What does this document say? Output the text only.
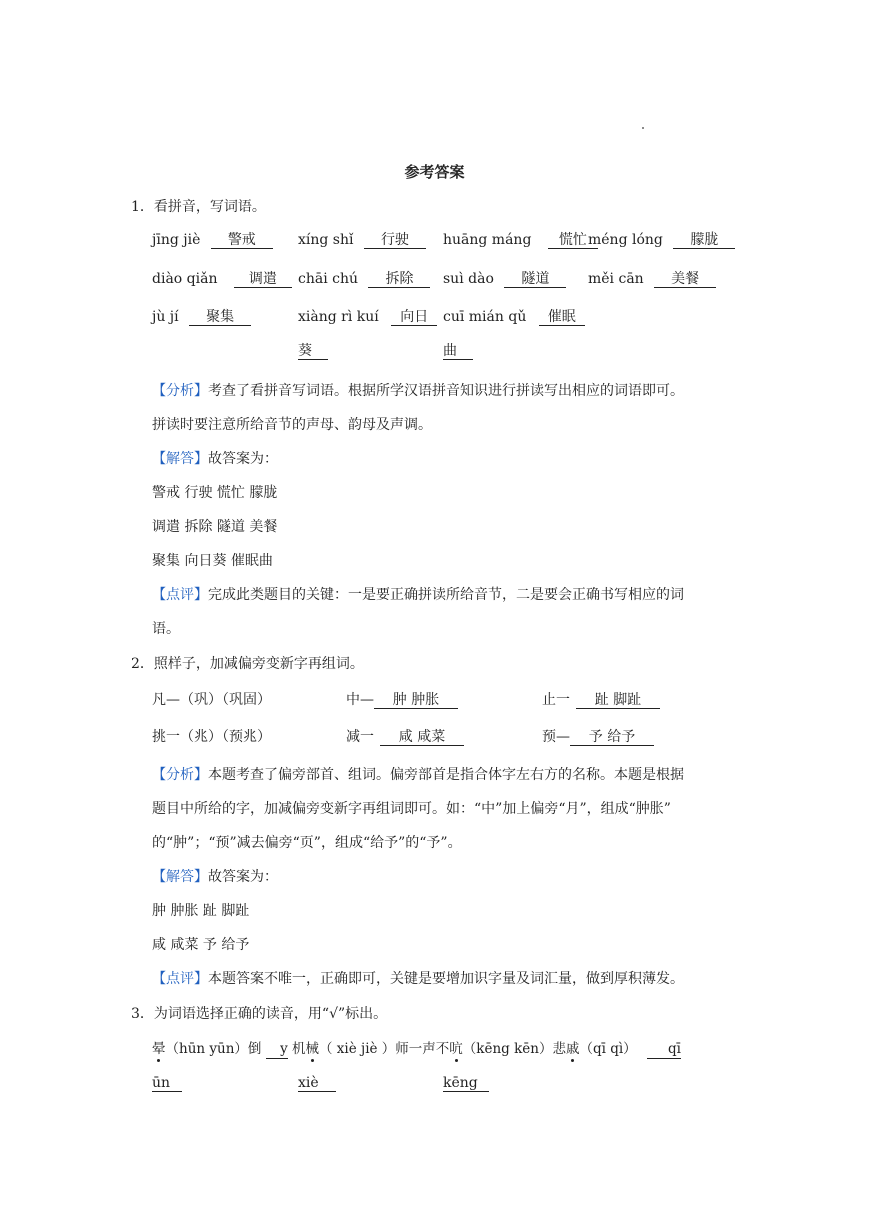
参考答案
1．看拼音，写词语。
jīng jiè 警戒	xíng shǐ 行驶	huāng máng 慌忙 méng lóng 朦胧
diào qiǎn 调遣	chāi chú 拆除	suì dào 隧道	měi cān 美餐
jù jí 聚集	xiàng rì kuí 向日	cuī mián qǔ 催眠
葵	曲
【分析】考查了看拼音写词语。根据所学汉语拼音知识进行拼读写出相应的词语即可。
拼读时要注意所给音节的声母、韵母及声调。
【解答】故答案为：
警戒 行驶 慌忙 朦胧
调遣 拆除 隧道 美餐
聚集 向日葵 催眠曲
【点评】完成此类题目的关键：一是要正确拼读所给音节，二是要会正确书写相应的词
语。
2．照样子，加减偏旁变新字再组词。
凡—（巩）（巩固）	中— 肿 肿胀	止一 趾 脚趾
挑一（兆）（预兆）	减一 咸 咸菜	预— 予 给予
【分析】本题考查了偏旁部首、组词。偏旁部首是指合体字左右方的名称。本题是根据
题目中所给的字，加减偏旁变新字再组词即可。如：“中”加上偏旁“月”，组成“肿胀”
的“肿”；“预”减去偏旁“页”，组成“给予”的“予”。
【解答】故答案为：
肿 肿胀 趾 脚趾
咸 咸菜 予 给予
【点评】本题答案不唯一，正确即可，关键是要增加识字量及词汇量，做到厚积薄发。
3．为词语选择正确的读音，用“√”标出。
晕（hūn yūn）倒 y 机械（ xiè jiè ）师一声不吭（kēng kēn）悲戚（qī qì） qī
ūn	xiè	kēng
